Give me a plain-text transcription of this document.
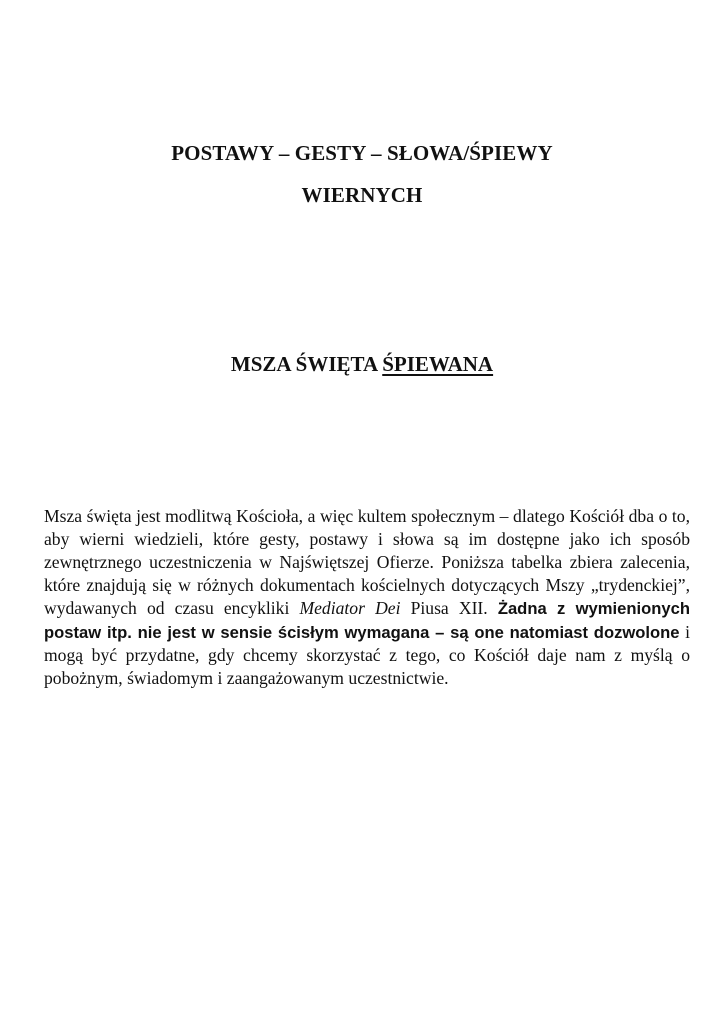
POSTAWY – GESTY – SŁOWA/ŚPIEWY
WIERNYCH
MSZA ŚWIĘTA ŚPIEWANA

Msza święta jest modlitwą Kościoła, a więc kultem społecznym – dlatego Kościół dba o to, aby wierni wiedzieli, które gesty, postawy i słowa są im dostępne jako ich sposób zewnętrznego uczestniczenia w Najświętszej Ofierze. Poniższa tabelka zbiera zalecenia, które znajdują się w różnych dokumentach kościelnych dotyczących Mszy „trydenckiej”, wydawanych od czasu encykliki Mediator Dei Piusa XII. Żadna z wymienionych postaw itp. nie jest w sensie ścisłym wymagana – są one natomiast dozwolone i mogą być przydatne, gdy chcemy skorzystać z tego, co Kościół daje nam z myślą o pobożnym, świadomym i zaangażowanym uczestnictwie.
